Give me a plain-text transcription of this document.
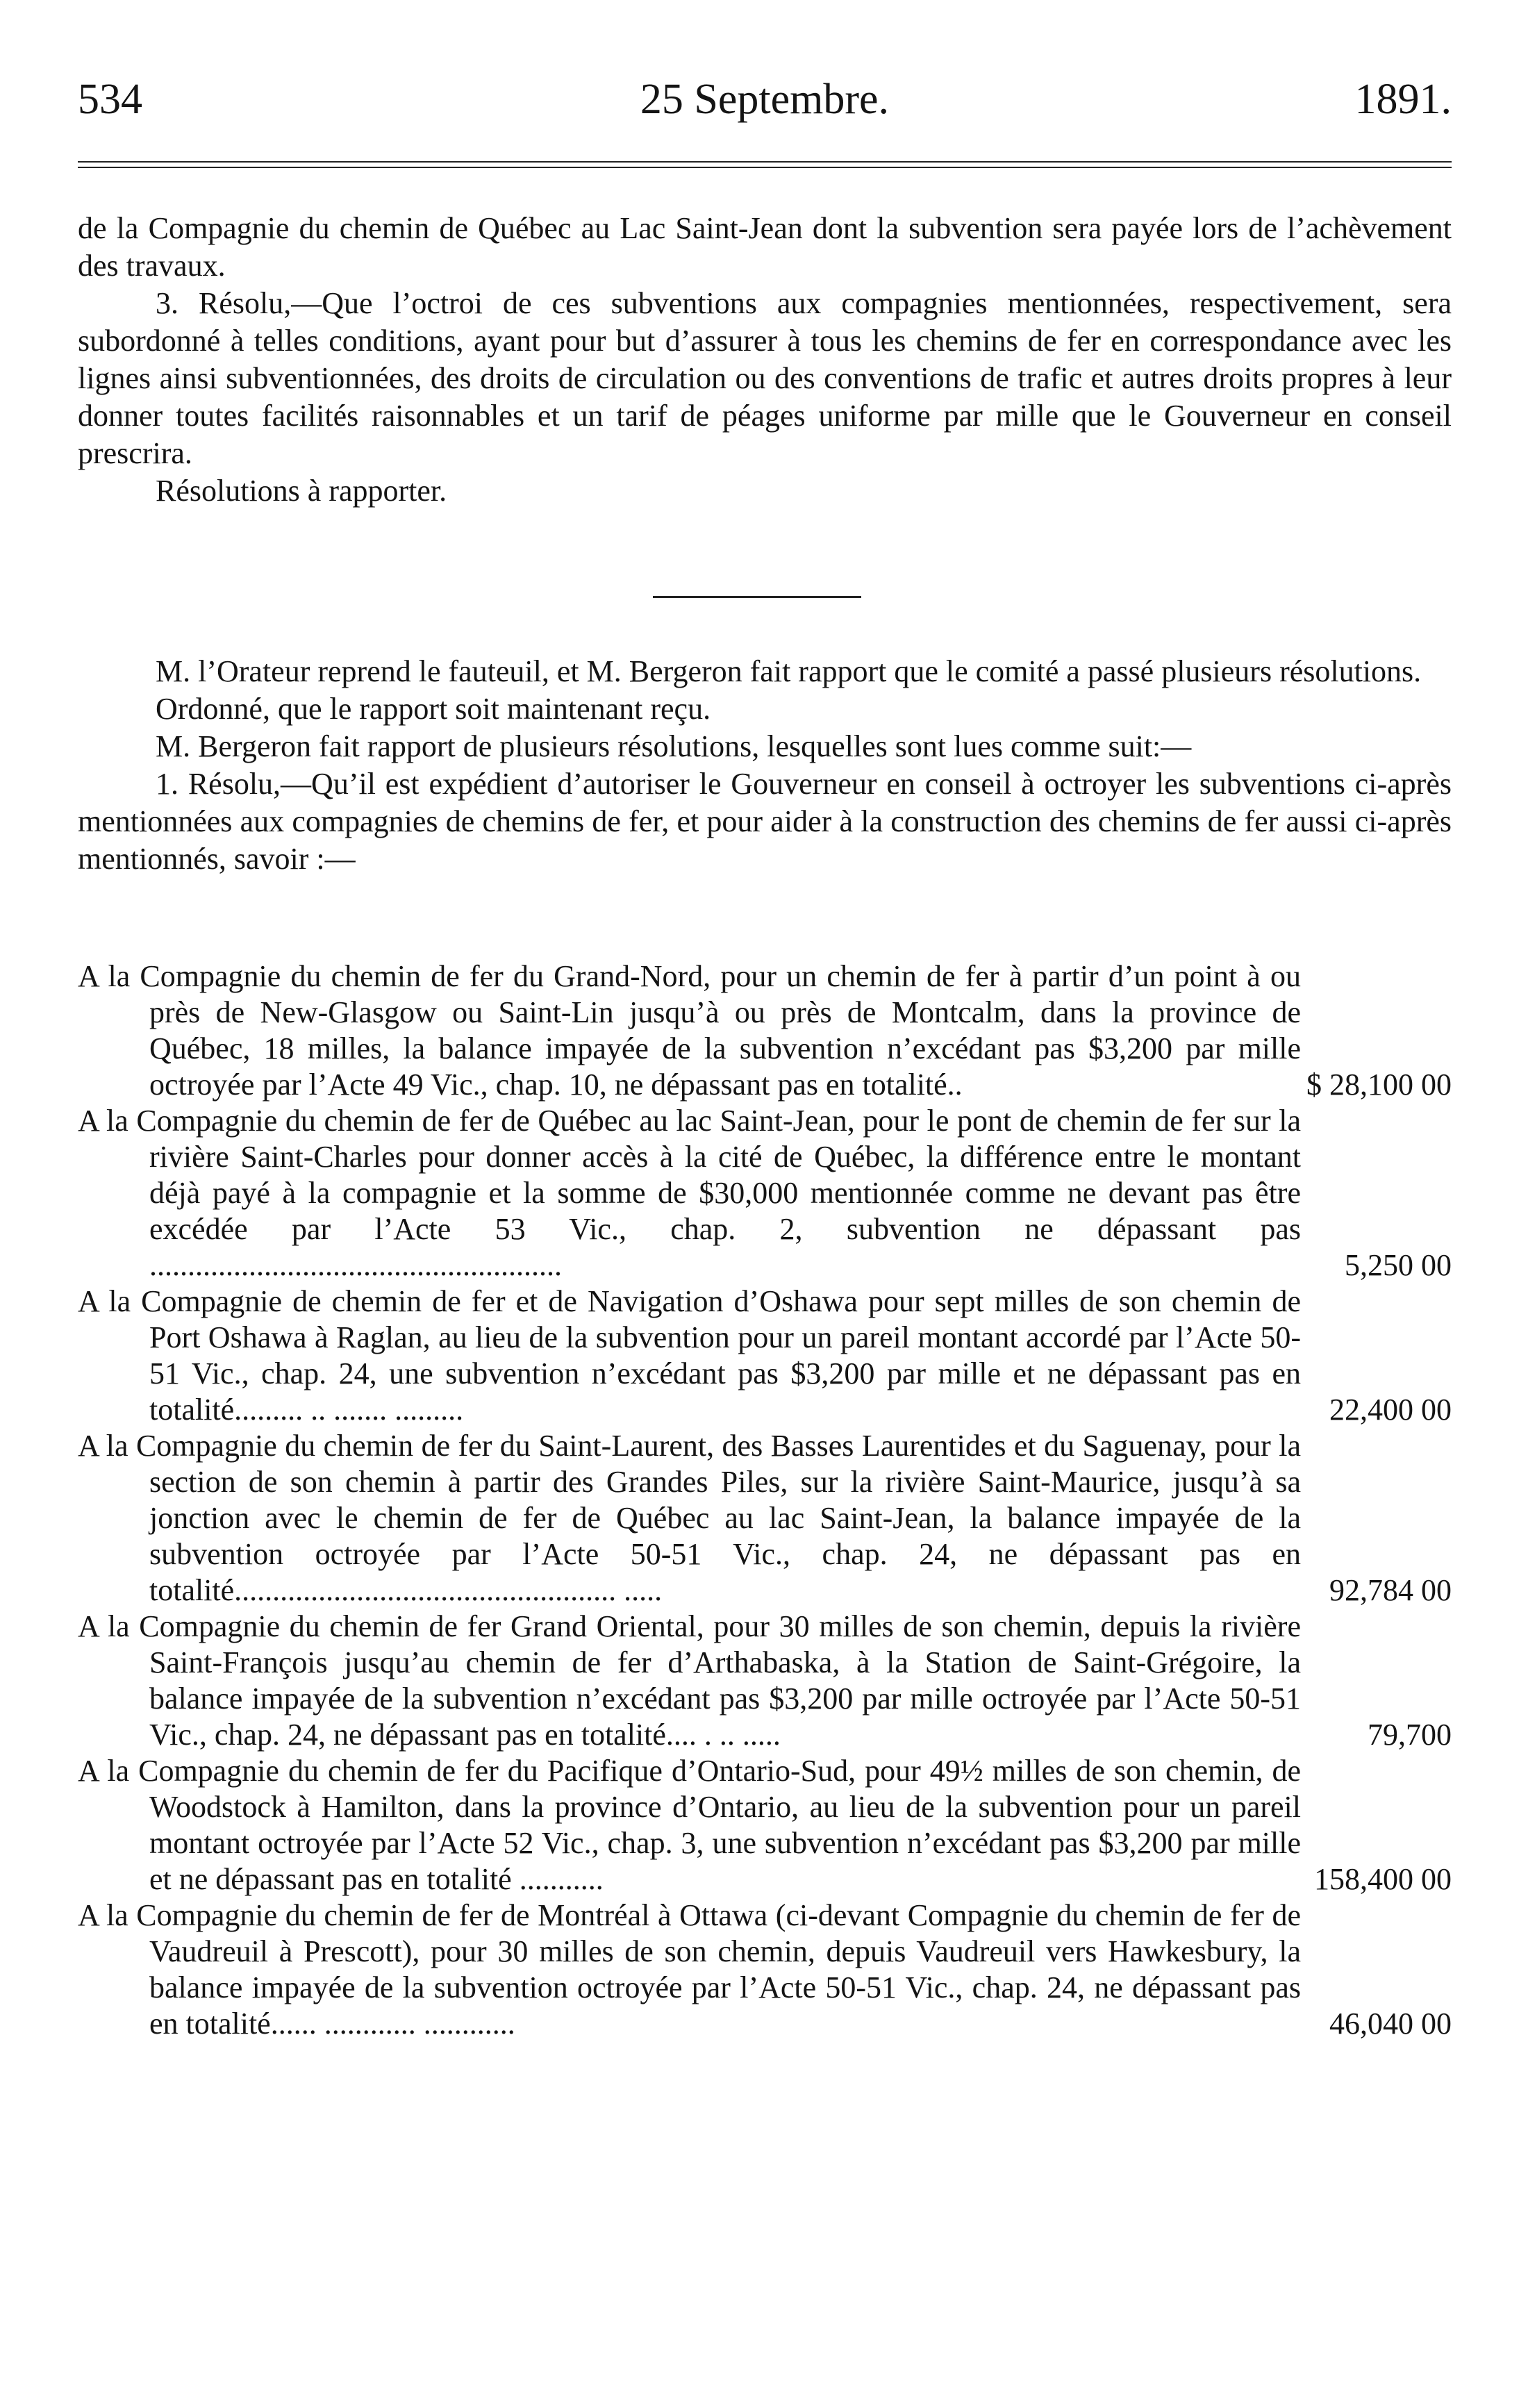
534	25 Septembre.	1891.

de la Compagnie du chemin de Québec au Lac Saint-Jean dont la subvention sera payée lors de l’achèvement des travaux.

3. Résolu,—Que l’octroi de ces subventions aux compagnies mentionnées, respectivement, sera subordonné à telles conditions, ayant pour but d’assurer à tous les chemins de fer en correspondance avec les lignes ainsi subventionnées, des droits de circulation ou des conventions de trafic et autres droits propres à leur donner toutes facilités raisonnables et un tarif de péages uniforme par mille que le Gouverneur en conseil prescrira.

Résolutions à rapporter.

M. l’Orateur reprend le fauteuil, et M. Bergeron fait rapport que le comité a passé plusieurs résolutions.

Ordonné, que le rapport soit maintenant reçu.

M. Bergeron fait rapport de plusieurs résolutions, lesquelles sont lues comme suit:—

1. Résolu,—Qu’il est expédient d’autoriser le Gouverneur en conseil à octroyer les subventions ci-après mentionnées aux compagnies de chemins de fer, et pour aider à la construction des chemins de fer aussi ci-après mentionnés, savoir :—

A la Compagnie du chemin de fer du Grand-Nord, pour un chemin de fer à partir d’un point à ou près de New-Glasgow ou Saint-Lin jusqu’à ou près de Montcalm, dans la province de Québec, 18 milles, la balance impayée de la subvention n’excédant pas $3,200 par mille octroyée par l’Acte 49 Vic., chap. 10, ne dépassant pas en totalité..	$ 28,100 00
A la Compagnie du chemin de fer de Québec au lac Saint-Jean, pour le pont de chemin de fer sur la rivière Saint-Charles pour donner accès à la cité de Québec, la différence entre le montant déjà payé à la compagnie et la somme de $30,000 mentionnée comme ne devant pas être excédée par l’Acte 53 Vic., chap. 2, subvention ne dépassant pas ......................................................	5,250 00
A la Compagnie de chemin de fer et de Navigation d’Oshawa pour sept milles de son chemin de Port Oshawa à Raglan, au lieu de la subvention pour un pareil montant accordé par l’Acte 50-51 Vic., chap. 24, une subvention n’excédant pas $3,200 par mille et ne dépassant pas en totalité......... .. ....... .........	22,400 00
A la Compagnie du chemin de fer du Saint-Laurent, des Basses Laurentides et du Saguenay, pour la section de son chemin à partir des Grandes Piles, sur la rivière Saint-Maurice, jusqu’à sa jonction avec le chemin de fer de Québec au lac Saint-Jean, la balance impayée de la subvention octroyée par l’Acte 50-51 Vic., chap. 24, ne dépassant pas en totalité.................................................. .....	92,784 00
A la Compagnie du chemin de fer Grand Oriental, pour 30 milles de son chemin, depuis la rivière Saint-François jusqu’au chemin de fer d’Arthabaska, à la Station de Saint-Grégoire, la balance impayée de la subvention n’excédant pas $3,200 par mille octroyée par l’Acte 50-51 Vic., chap. 24, ne dépassant pas en totalité.... . .. .....	79,700
A la Compagnie du chemin de fer du Pacifique d’Ontario-Sud, pour 49½ milles de son chemin, de Woodstock à Hamilton, dans la province d’Ontario, au lieu de la subvention pour un pareil montant octroyée par l’Acte 52 Vic., chap. 3, une subvention n’excédant pas $3,200 par mille et ne dépassant pas en totalité ...........	158,400 00
A la Compagnie du chemin de fer de Montréal à Ottawa (ci-devant Compagnie du chemin de fer de Vaudreuil à Prescott), pour 30 milles de son chemin, depuis Vaudreuil vers Hawkesbury, la balance impayée de la subvention octroyée par l’Acte 50-51 Vic., chap. 24, ne dépassant pas en totalité...... ............ ............	46,040 00
